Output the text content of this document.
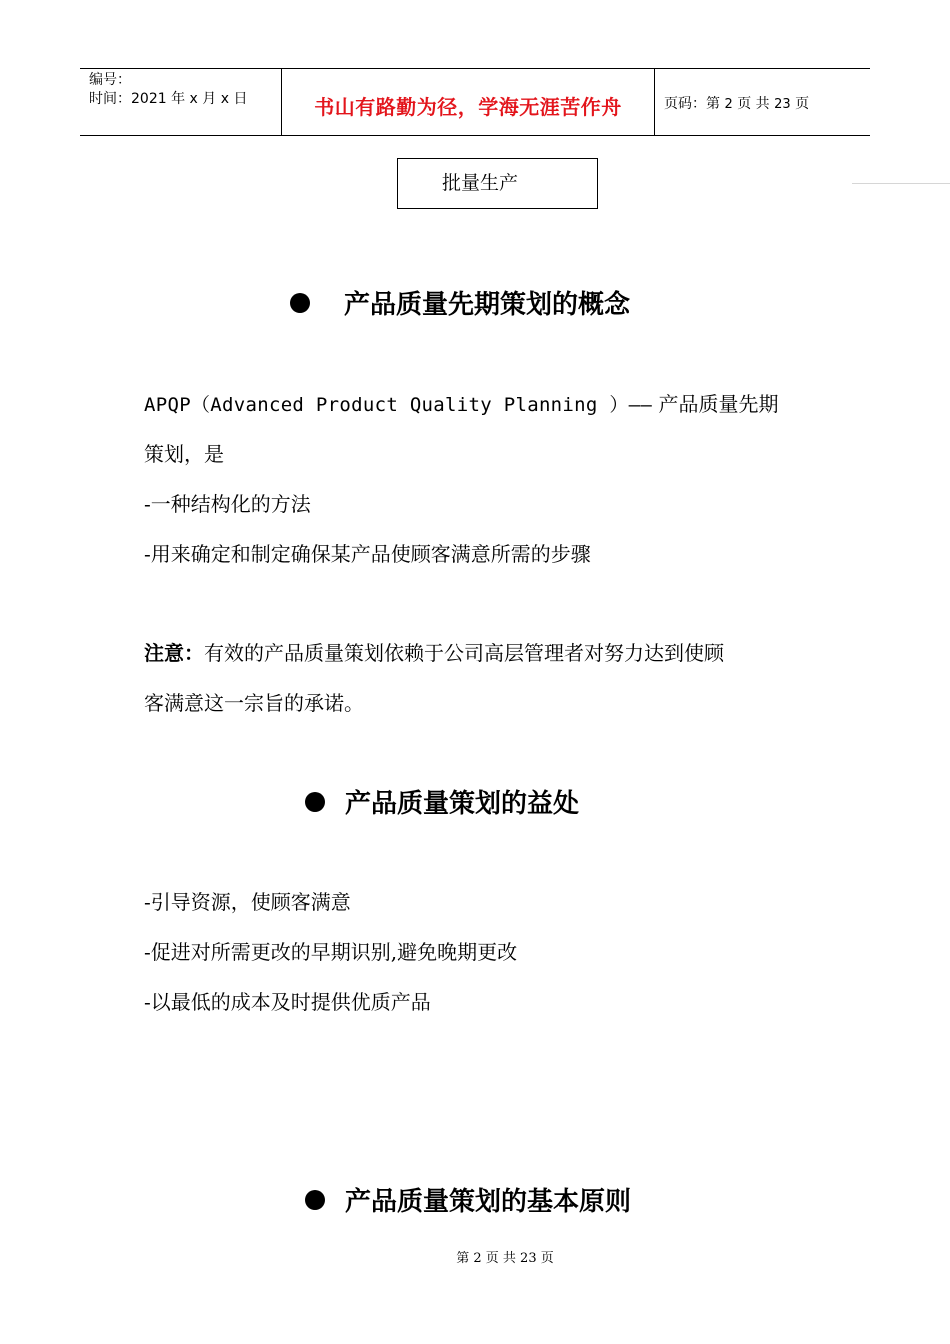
编号：
时间：2021 年 x 月 x 日	书山有路勤为径，学海无涯苦作舟	页码：第 2 页 共 23 页
批量生产
产品质量先期策划的概念
APQP（Advanced Product Quality Planning ）—— 产品质量先期
策划，是
-一种结构化的方法
-用来确定和制定确保某产品使顾客满意所需的步骤
注意：有效的产品质量策划依赖于公司高层管理者对努力达到使顾
客满意这一宗旨的承诺。
产品质量策划的益处
-引导资源，使顾客满意
-促进对所需更改的早期识别,避免晚期更改
-以最低的成本及时提供优质产品
产品质量策划的基本原则
第 2 页 共 23 页
